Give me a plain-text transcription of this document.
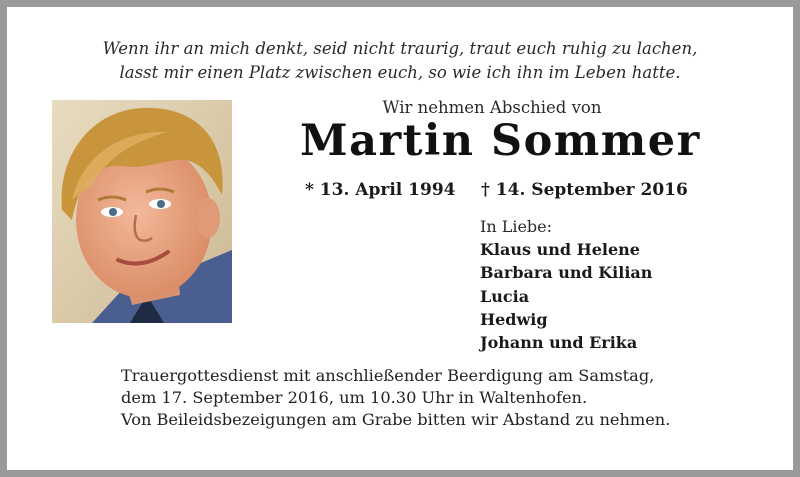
Wenn ihr an mich denkt, seid nicht traurig, traut euch ruhig zu lachen,
lasst mir einen Platz zwischen euch, so wie ich ihn im Leben hatte.
Wir nehmen Abschied von
Martin Sommer
* 13. April 1994 † 14. September 2016
In Liebe:
Klaus und Helene
Barbara und Kilian
Lucia
Hedwig
Johann und Erika
Trauergottesdienst mit anschließender Beerdigung am Samstag,
dem 17. September 2016, um 10.30 Uhr in Waltenhofen.
Von Beileidsbezeigungen am Grabe bitten wir Abstand zu nehmen.
